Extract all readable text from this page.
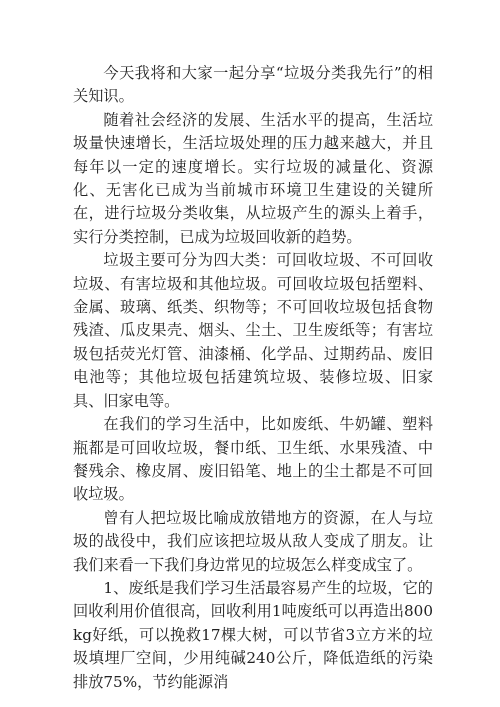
今天我将和大家一起分享“垃圾分类我先行”的相关知识。

随着社会经济的发展、生活水平的提高，生活垃圾量快速增长，生活垃圾处理的压力越来越大，并且每年以一定的速度增长。实行垃圾的减量化、资源化、无害化已成为当前城市环境卫生建设的关键所在，进行垃圾分类收集，从垃圾产生的源头上着手，实行分类控制，已成为垃圾回收新的趋势。

垃圾主要可分为四大类：可回收垃圾、不可回收垃圾、有害垃圾和其他垃圾。可回收垃圾包括塑料、金属、玻璃、纸类、织物等；不可回收垃圾包括食物残渣、瓜皮果壳、烟头、尘土、卫生废纸等；有害垃圾包括荧光灯管、油漆桶、化学品、过期药品、废旧电池等；其他垃圾包括建筑垃圾、装修垃圾、旧家具、旧家电等。

在我们的学习生活中，比如废纸、牛奶罐、塑料瓶都是可回收垃圾，餐巾纸、卫生纸、水果残渣、中餐残余、橡皮屑、废旧铅笔、地上的尘土都是不可回收垃圾。

曾有人把垃圾比喻成放错地方的资源，在人与垃圾的战役中，我们应该把垃圾从敌人变成了朋友。让我们来看一下我们身边常见的垃圾怎么样变成宝了。

1、废纸是我们学习生活最容易产生的垃圾，它的回收利用价值很高，回收利用1吨废纸可以再造出800kg好纸，可以挽救17棵大树，可以节省3立方米的垃圾填埋厂空间，少用纯碱240公斤，降低造纸的污染排放75%，节约能源消
